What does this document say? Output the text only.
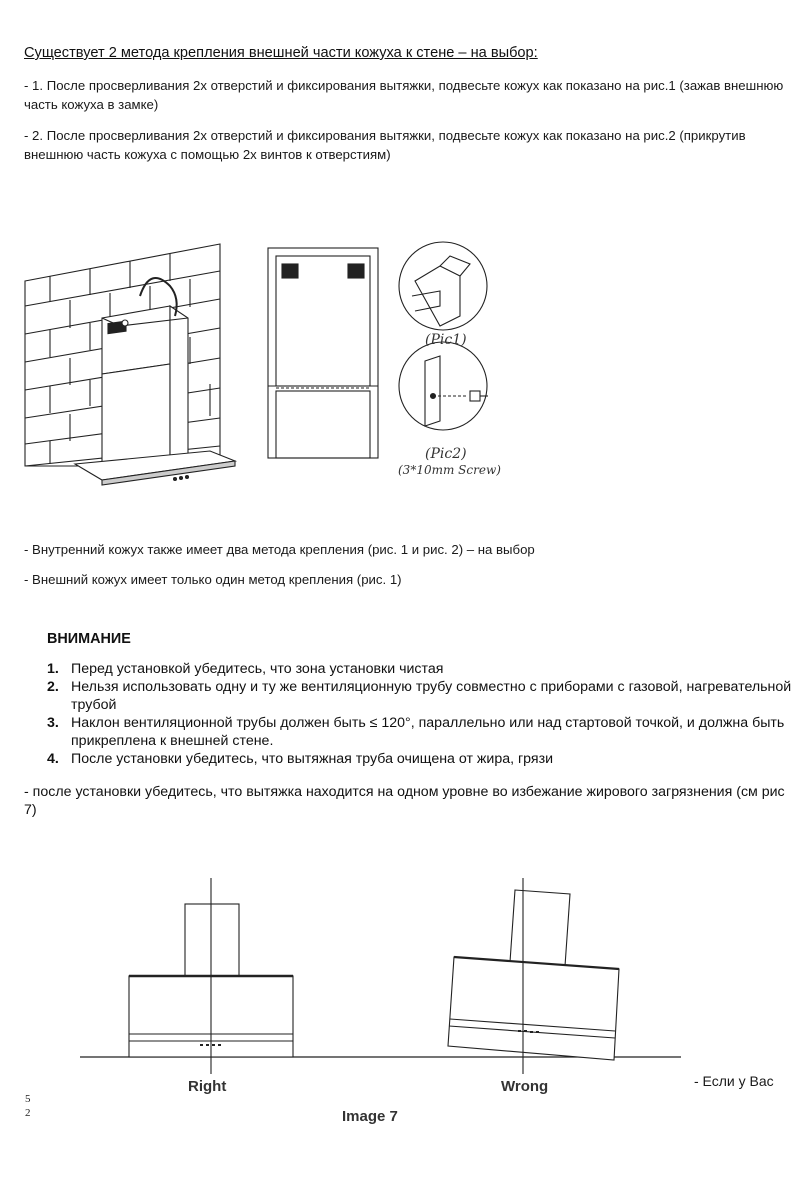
Существует 2 метода крепления внешней части кожуха к стене – на выбор:
- 1. После просверливания 2х отверстий и фиксирования вытяжки, подвесьте кожух как показано на рис.1 (зажав внешнюю часть кожуха в замке)
- 2. После просверливания 2х отверстий и фиксирования вытяжки, подвесьте кожух как показано на рис.2 (прикрутив внешнюю часть кожуха с помощью 2х винтов к отверстиям)
(Pic1)
(Pic2)
(3*10mm Screw)
- Внутренний кожух также имеет два метода крепления (рис. 1 и рис. 2) – на выбор
- Внешний кожух имеет только один метод крепления (рис. 1)
ВНИМАНИЕ
1. Перед установкой убедитесь, что зона установки чистая
2. Нельзя использовать одну и ту же вентиляционную трубу совместно с приборами с газовой, нагревательной трубой
3. Наклон вентиляционной трубы должен быть ≤ 120°, параллельно или над стартовой точкой, и должна быть прикреплена к внешней стене.
4. После установки убедитесь, что вытяжная труба очищена от жира, грязи
- после установки убедитесь, что вытяжка находится на одном уровне во избежание жирового загрязнения (см рис 7)
Right	Wrong
Image 7
- Если у Вас
5
2
